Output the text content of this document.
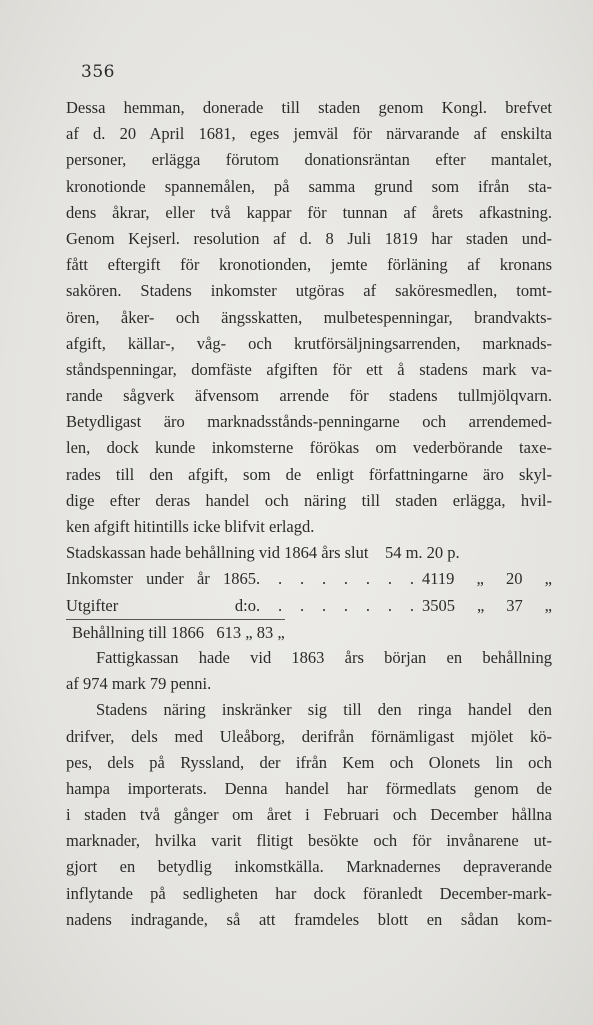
356
Dessa hemman, donerade till staden genom Kongl. brefvet
af d. 20 April 1681, eges jemväl för närvarande af enskilta
personer, erlägga förutom donationsräntan efter mantalet,
kronotionde spannemålen, på samma grund som ifrån sta-
dens åkrar, eller två kappar för tunnan af årets afkastning.
Genom Kejserl. resolution af d. 8 Juli 1819 har staden und-
fått eftergift för kronotionden, jemte förläning af kronans
sakören. Stadens inkomster utgöras af saköresmedlen, tomt-
ören, åker- och ängsskatten, mulbetespenningar, brandvakts-
afgift, källar-, våg- och krutförsäljningsarrenden, marknads-
ståndspenningar, domfäste afgiften för ett å stadens mark va-
rande sågverk äfvensom arrende för stadens tullmjölqvarn.
Betydligast äro marknadsstånds-penningarne och arrendemed-
len, dock kunde inkomsterne förökas om vederbörande taxe-
rades till den afgift, som de enligt författningarne äro skyl-
dige efter deras handel och näring till staden erlägga, hvil-
ken afgift hitintills icke blifvit erlagd.
Stadskassan hade behållning vid 1864 års slut    54 m. 20 p.
Inkomster under år 1865 . . . . . . . . 4119 „ 20 „
Utgifter        d:o . . . . . . . . 3505 „ 37 „
Behållning till 1866   613 „ 83 „
Fattigkassan hade vid 1863 års början en behållning
af 974 mark 79 penni.
Stadens näring inskränker sig till den ringa handel den
drifver, dels med Uleåborg, derifrån förnämligast mjölet kö-
pes, dels på Ryssland, der ifrån Kem och Olonets lin och
hampa importerats. Denna handel har förmedlats genom de
i staden två gånger om året i Februari och December hållna
marknader, hvilka varit flitigt besökte och för invånarene ut-
gjort en betydlig inkomstkälla. Marknadernes depraverande
inflytande på sedligheten har dock föranledt December-mark-
nadens indragande, så att framdeles blott en sådan kom-
